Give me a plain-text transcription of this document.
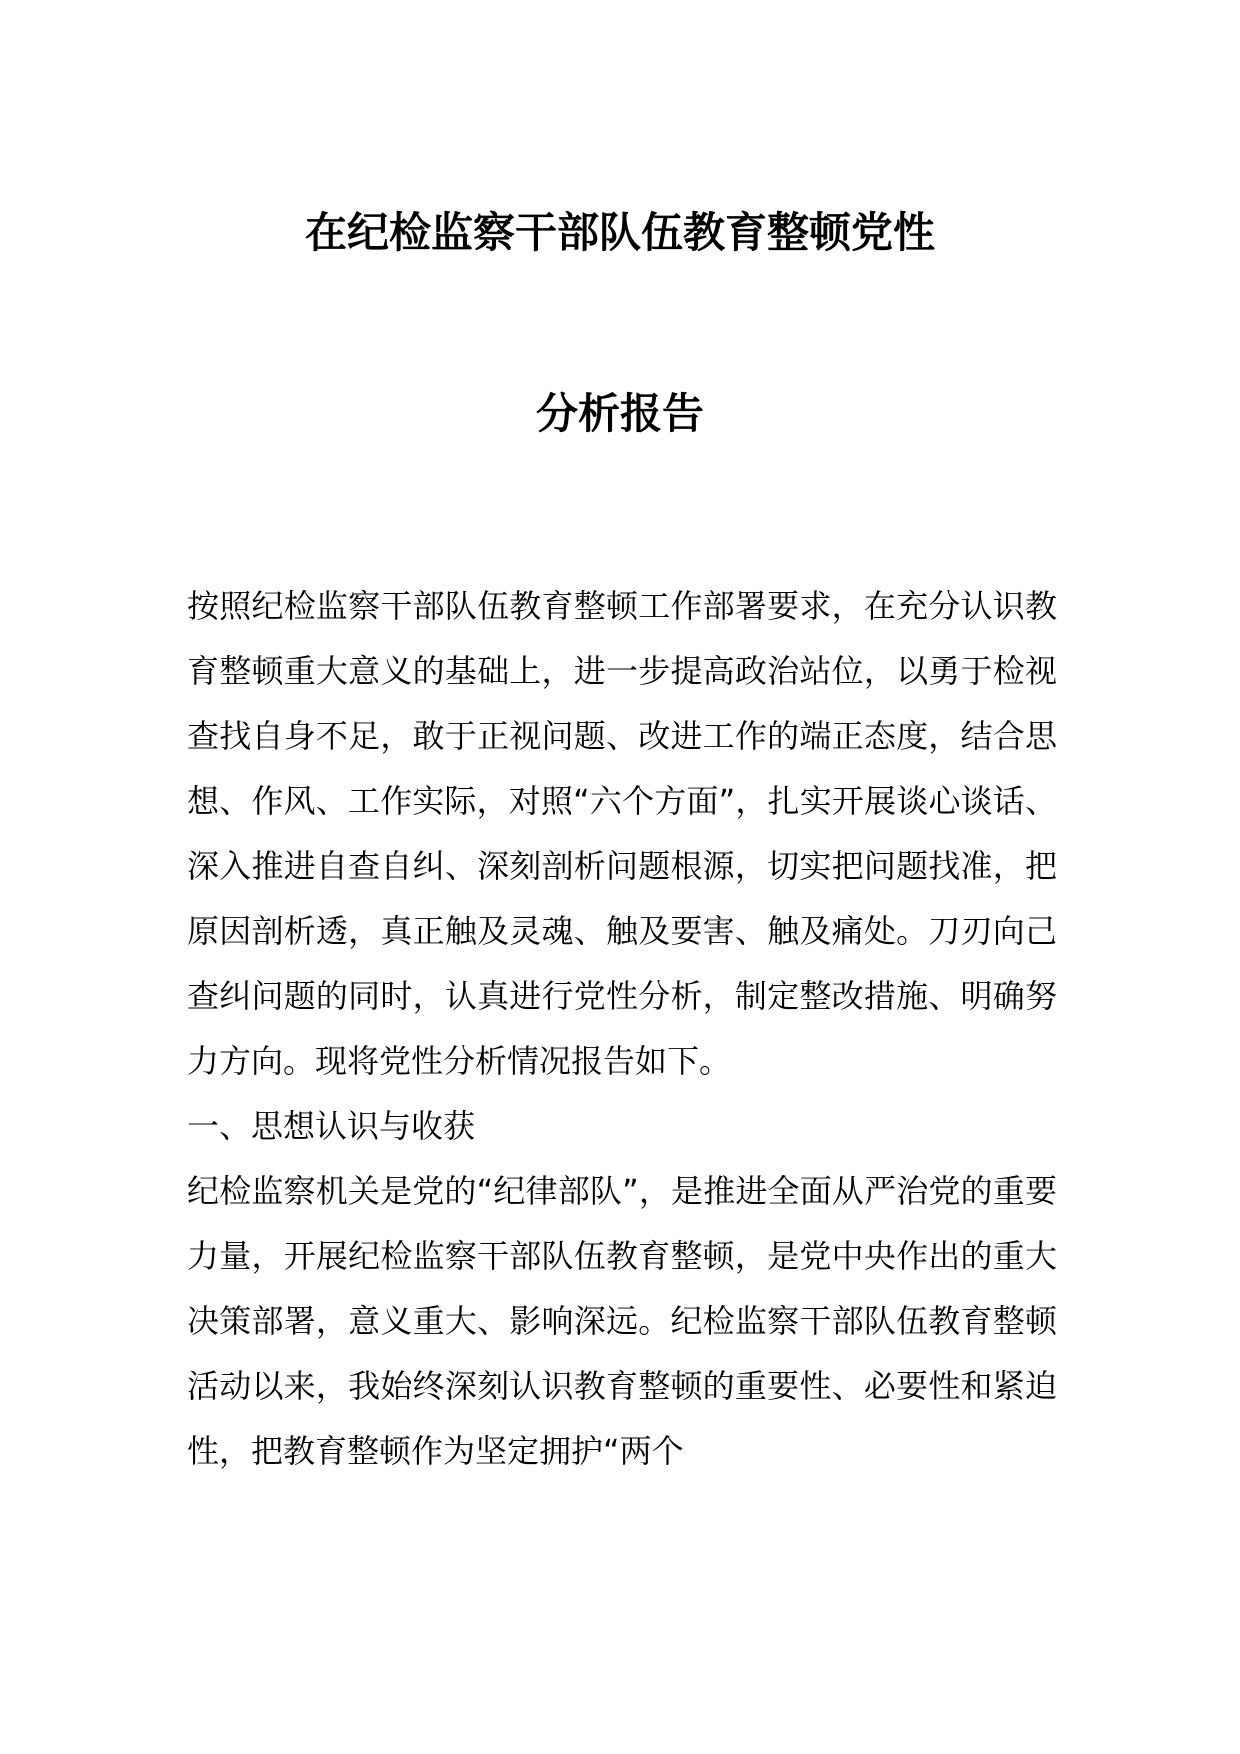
在纪检监察干部队伍教育整顿党性
分析报告

按照纪检监察干部队伍教育整顿工作部署要求，在充分认识教育整顿重大意义的基础上，进一步提高政治站位，以勇于检视查找自身不足，敢于正视问题、改进工作的端正态度，结合思想、作风、工作实际，对照“六个方面”，扎实开展谈心谈话、深入推进自查自纠、深刻剖析问题根源，切实把问题找准，把原因剖析透，真正触及灵魂、触及要害、触及痛处。刀刃向己查纠问题的同时，认真进行党性分析，制定整改措施、明确努力方向。现将党性分析情况报告如下。

一、思想认识与收获

纪检监察机关是党的“纪律部队”，是推进全面从严治党的重要力量，开展纪检监察干部队伍教育整顿，是党中央作出的重大决策部署，意义重大、影响深远。纪检监察干部队伍教育整顿活动以来，我始终深刻认识教育整顿的重要性、必要性和紧迫性，把教育整顿作为坚定拥护“两个
